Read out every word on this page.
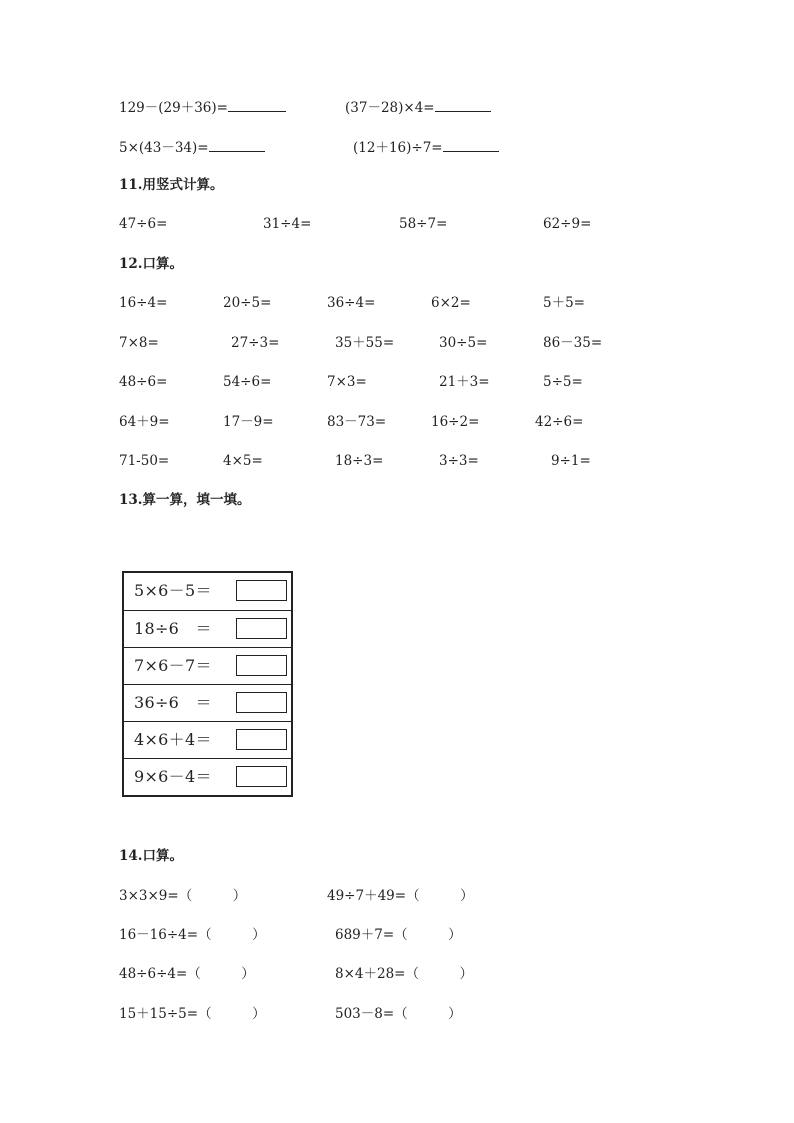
129－(29＋36)=	(37－28)×4=
5×(43－34)=	(12＋16)÷7=
11.用竖式计算。
47÷6=	31÷4=	58÷7=	62÷9=
12.口算。
16÷4=	20÷5=	36÷4=	6×2=	5＋5=
7×8=	27÷3=	35＋55=	30÷5=	86－35=
48÷6=	54÷6=	7×3=	21＋3=	5÷5=
64＋9=	17－9=	83－73=	16÷2=	42÷6=
71-50=	4×5=	18÷3=	3÷3=	9÷1=
13.算一算，填一填。
5×6－5＝
18÷6　＝
7×6－7＝
36÷6　＝
4×6＋4＝
9×6－4＝
14.口算。
3×3×9=（　　　）	49÷7＋49=（　　　）
16－16÷4=（　　　）	689＋7=（　　　）
48÷6÷4=（　　　）	8×4＋28=（　　　）
15＋15÷5=（　　　）	503－8=（　　　）
